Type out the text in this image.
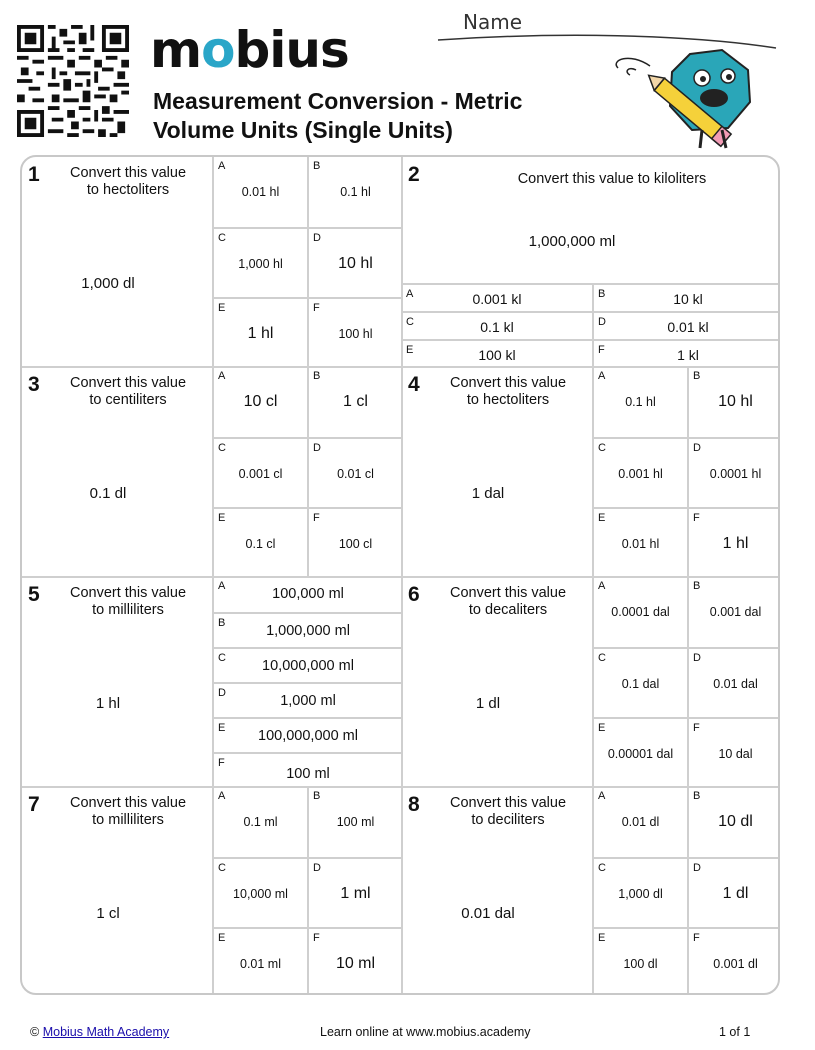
mobius
Measurement Conversion - Metric
Volume Units (Single Units)
Name
1	Convert this value
to hectoliters
1,000 dl
A
0.01 hl
B
0.1 hl
C
1,000 hl
D
10 hl
E
1 hl
F
100 hl
2	Convert this value to kiloliters
1,000,000 ml
A	0.001 kl	B	10 kl
C	0.1 kl	D	0.01 kl
E	100 kl	F	1 kl
3	Convert this value
to centiliters
0.1 dl
A
10 cl
B
1 cl
C
0.001 cl
D
0.01 cl
E
0.1 cl
F
100 cl
4	Convert this value
to hectoliters
1 dal
A
0.1 hl
B
10 hl
C
0.001 hl
D
0.0001 hl
E
0.01 hl
F
1 hl
5	Convert this value
to milliliters
1 hl
A	100,000 ml
B	1,000,000 ml
C	10,000,000 ml
D	1,000 ml
E	100,000,000 ml
F
100 ml
6	Convert this value
to decaliters
1 dl
A
0.0001 dal
B
0.001 dal
C
0.1 dal
D
0.01 dal
E
0.00001 dal
F
10 dal
7	Convert this value
to milliliters
1 cl
A
0.1 ml
B
100 ml
C
10,000 ml
D
1 ml
E
0.01 ml
F
10 ml
8	Convert this value
to deciliters
0.01 dal
A
0.01 dl
B
10 dl
C
1,000 dl
D
1 dl
E
100 dl
F
0.001 dl
© Mobius Math Academy	Learn online at www.mobius.academy	1 of 1
